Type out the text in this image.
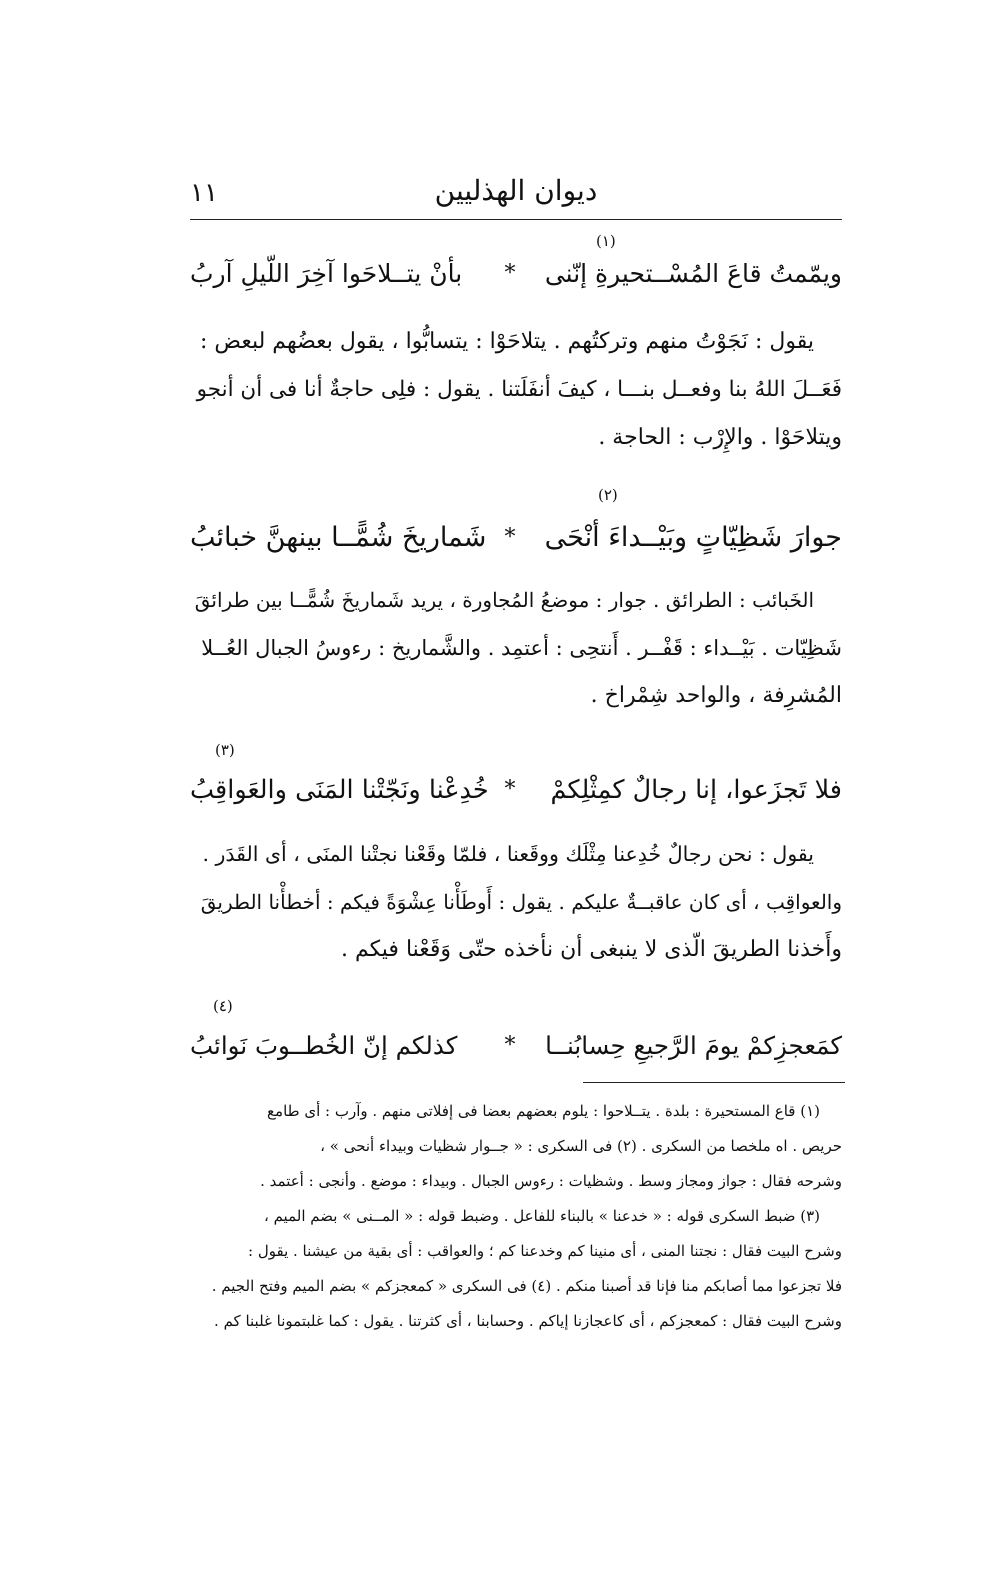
١١	ديوان الهذليين
ويمّمتُ قاعَ المُسْــتحيرةِ إنّنى
*
بأنْ يتــلاحَوا آخِرَ اللّيلِ آربُ
(١)
يقول : نَجَوْتُ منهم وتركتُهم . يتلاحَوْا : يتسابُّوا ، يقول بعضُهم لبعض :
فَعَــلَ اللهُ بنا وفعــل بنـــا ، كيفَ أنفَلَتنا . يقول : فلِى حاجةٌ أنا فى أن أنجو
ويتلاحَوْا . والإِرْب : الحاجة .
جوارَ شَظِيّاتٍ وبَيْــداءَ أنْحَى
*
شَماريخَ شُمًّــا بينهنَّ خبائبُ
(٢)
الخَبائب : الطرائق . جوار : موضعُ المُجاورة ، يريد شَماريخَ شُمًّــا بين طرائقَ
شَظِيّات . بَيْــداء : قَفْــر . أَنتحِى : أعتمِد . والشَّماريخ : رءوسُ الجبال العُــلا
المُشرِفة ، والواحد شِمْراخ .
فلا تَجزَعوا، إنا رجالٌ كمِثْلِكمْ
*
خُدِعْنا ونَجّتْنا المَنَى والعَواقِبُ
(٣)
يقول : نحن رجالٌ خُدِعنا مِثْلَك ووقَعنا ، فلمّا وقَعْنا نجتْنا المنَى ، أى القَدَر .
والعواقِب ، أى كان عاقبــةٌ عليكم . يقول : أَوطَأْنا عِشْوَةً فيكم : أخطأْنا الطريقَ
وأَخذنا الطريقَ الّذى لا ينبغى أن نأخذه حتّى وَقَعْنا فيكم .
كمَعجزِكمْ يومَ الرَّجيعِ حِسابُنــا
*
كذلكم إنّ الخُطــوبَ نَوائبُ
(٤)
(١) قاع المستحيرة : بلدة . يتــلاحوا : يلوم بعضهم بعضا فى إفلاتى منهم . وآرب : أى طامع
حريص . اه ملخصا من السكرى . (٢) فى السكرى : « جــوار شظيات وبيداء أنحى » ،
وشرحه فقال : جواز ومجاز وسط . وشظيات : رءوس الجبال . وبيداء : موضع . وأنجى : أعتمد .
(٣) ضبط السكرى قوله : « خدعنا » بالبناء للفاعل . وضبط قوله : « المــنى » بضم الميم ،
وشرح البيت فقال : نجتنا المنى ، أى منينا كم وخدعنا كم ؛ والعواقب : أى بقية من عيشنا . يقول :
فلا تجزعوا مما أصابكم منا فإنا قد أصبنا منكم . (٤) فى السكرى « كمعجزكم » بضم الميم وفتح الجيم .
وشرح البيت فقال : كمعجزكم ، أى كاعجازنا إياكم . وحسابنا ، أى كثرتنا . يقول : كما غلبتمونا غلبنا كم .
